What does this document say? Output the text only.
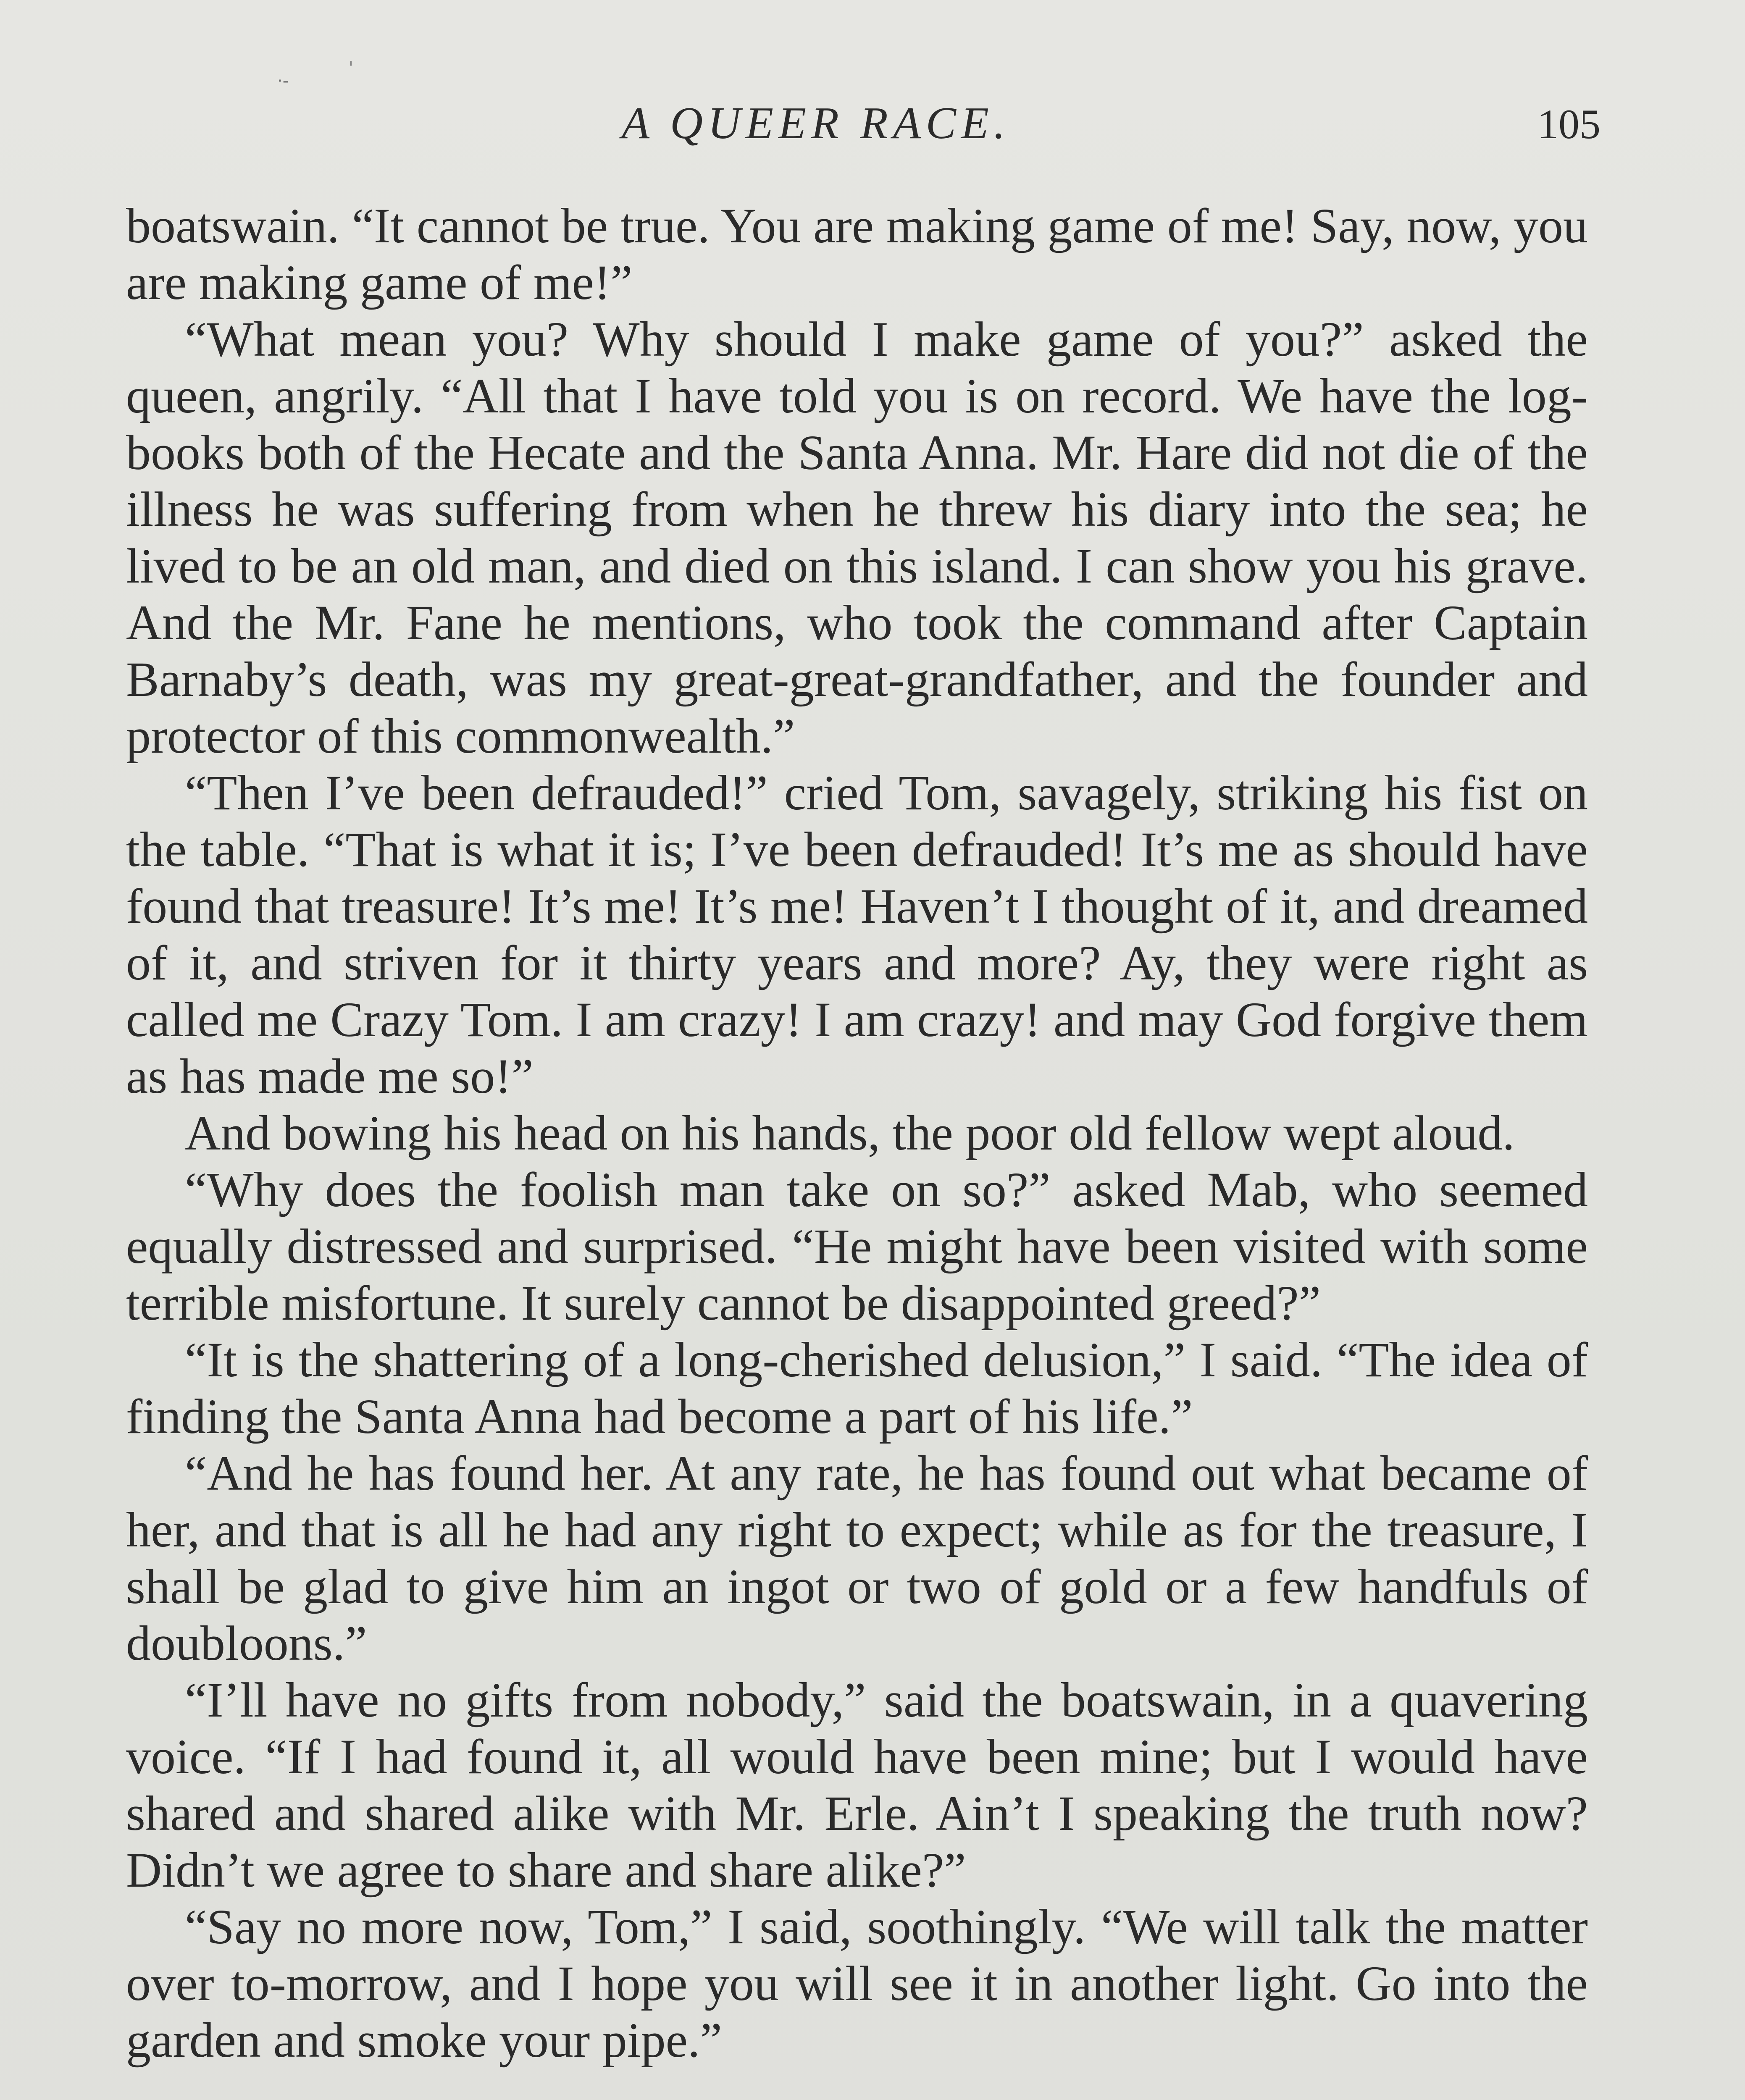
·‑
ˈ
A QUEER RACE.	105

boatswain. “It cannot be true. You are making game of me! Say, now, you are making game of me!”

“What mean you? Why should I make game of you?” asked the queen, angrily. “All that I have told you is on record. We have the log-books both of the Hecate and the Santa Anna. Mr. Hare did not die of the illness he was suffering from when he threw his diary into the sea; he lived to be an old man, and died on this island. I can show you his grave. And the Mr. Fane he mentions, who took the command after Captain Barnaby’s death, was my great-great-grandfather, and the founder and protector of this commonwealth.”

“Then I’ve been defrauded!” cried Tom, savagely, striking his fist on the table. “That is what it is; I’ve been defrauded! It’s me as should have found that treasure! It’s me! It’s me! Haven’t I thought of it, and dreamed of it, and striven for it thirty years and more? Ay, they were right as called me Crazy Tom. I am crazy! I am crazy! and may God forgive them as has made me so!”

And bowing his head on his hands, the poor old fellow wept aloud.

“Why does the foolish man take on so?” asked Mab, who seemed equally distressed and surprised. “He might have been visited with some terrible misfortune. It surely cannot be disappointed greed?”

“It is the shattering of a long-cherished delusion,” I said. “The idea of finding the Santa Anna had become a part of his life.”

“And he has found her. At any rate, he has found out what became of her, and that is all he had any right to expect; while as for the treasure, I shall be glad to give him an ingot or two of gold or a few handfuls of doubloons.”

“I’ll have no gifts from nobody,” said the boatswain, in a quavering voice. “If I had found it, all would have been mine; but I would have shared and shared alike with Mr. Erle. Ain’t I speaking the truth now? Didn’t we agree to share and share alike?”

“Say no more now, Tom,” I said, soothingly. “We will talk the matter over to-morrow, and I hope you will see it in another light. Go into the garden and smoke your pipe.”
